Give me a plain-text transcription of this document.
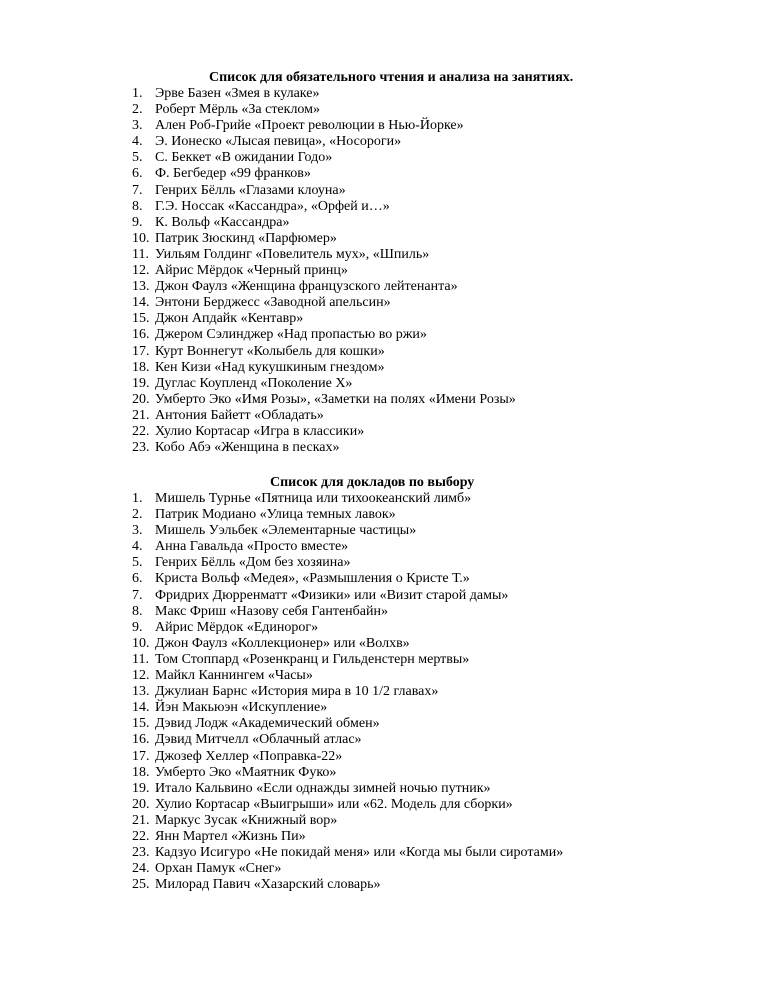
Список для обязательного чтения и анализа на занятиях.
1. Эрве Базен «Змея в кулаке»
2. Роберт Мёрль «За стеклом»
3. Ален Роб-Грийе «Проект революции в Нью-Йорке»
4. Э. Ионеско «Лысая певица», «Носороги»
5. С. Беккет «В ожидании Годо»
6. Ф. Бегбедер «99 франков»
7. Генрих Бёлль «Глазами клоуна»
8. Г.Э. Носсак «Кассандра», «Орфей и…»
9. К. Вольф «Кассандра»
10. Патрик Зюскинд «Парфюмер»
11. Уильям Голдинг «Повелитель мух», «Шпиль»
12. Айрис Мёрдок «Черный принц»
13. Джон Фаулз «Женщина французского лейтенанта»
14. Энтони Берджесс «Заводной апельсин»
15. Джон Апдайк «Кентавр»
16. Джером Сэлинджер «Над пропастью во ржи»
17. Курт Воннегут «Колыбель для кошки»
18. Кен Кизи «Над кукушкиным гнездом»
19. Дуглас Коупленд «Поколение Х»
20. Умберто Эко «Имя Розы», «Заметки на полях «Имени Розы»
21. Антония Байетт «Обладать»
22. Хулио Кортасар «Игра в классики»
23. Кобо Абэ «Женщина в песках»
Список для докладов по выбору
1. Мишель Турнье «Пятница или тихоокеанский лимб»
2. Патрик Модиано «Улица темных лавок»
3. Мишель Уэльбек «Элементарные частицы»
4. Анна Гавальда «Просто вместе»
5. Генрих Бёлль «Дом без хозяина»
6. Криста Вольф «Медея», «Размышления о Кристе Т.»
7. Фридрих Дюрренматт «Физики» или «Визит старой дамы»
8. Макс Фриш «Назову себя Гантенбайн»
9. Айрис Мёрдок «Единорог»
10. Джон Фаулз «Коллекционер» или «Волхв»
11. Том Стоппард «Розенкранц и Гильденстерн мертвы»
12. Майкл Каннингем «Часы»
13. Джулиан Барнс «История мира в 10 1/2 главах»
14. Йэн Макьюэн «Искупление»
15. Дэвид Лодж «Академический обмен»
16. Дэвид Митчелл «Облачный атлас»
17. Джозеф Хеллер «Поправка-22»
18. Умберто Эко «Маятник Фуко»
19. Итало Кальвино «Если однажды зимней ночью путник»
20. Хулио Кортасар «Выигрыши» или «62. Модель для сборки»
21. Маркус Зусак «Книжный вор»
22. Янн Мартел «Жизнь Пи»
23. Кадзуо Исигуро «Не покидай меня» или «Когда мы были сиротами»
24. Орхан Памук «Снег»
25. Милорад Павич «Хазарский словарь»
